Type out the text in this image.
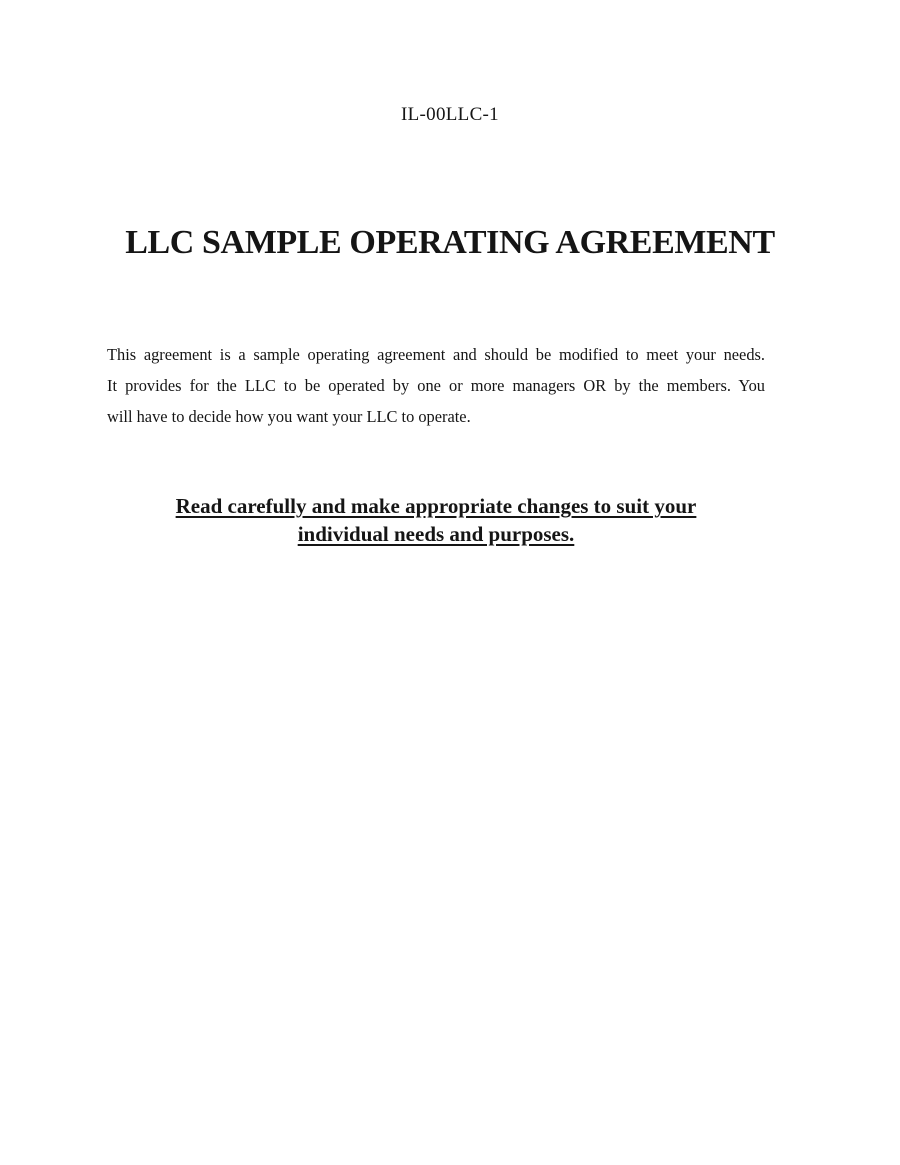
IL-00LLC-1
LLC SAMPLE OPERATING AGREEMENT
This agreement is a sample operating agreement and should be modified to meet your needs.
It provides for the LLC to be operated by one or more managers OR by the members. You
will have to decide how you want your LLC to operate.
Read carefully and make appropriate changes to suit your
individual needs and purposes.
